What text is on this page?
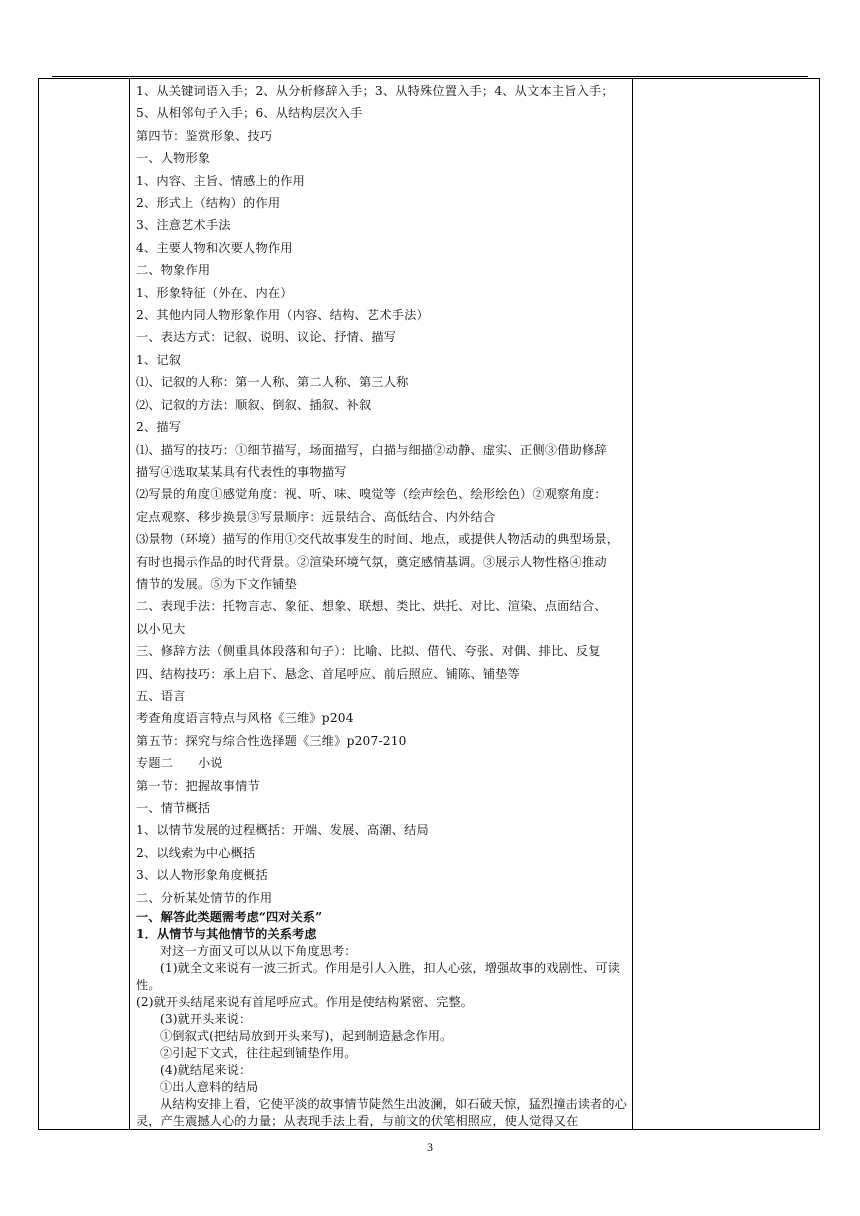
1、从关键词语入手；2、从分析修辞入手；3、从特殊位置入手；4、从文本主旨入手；
5、从相邻句子入手；6、从结构层次入手
第四节：鉴赏形象、技巧
一、人物形象
1、内容、主旨、情感上的作用
2、形式上（结构）的作用
3、注意艺术手法
4、主要人物和次要人物作用
二、物象作用
1、形象特征（外在、内在）
2、其他内同人物形象作用（内容、结构、艺术手法）
一、表达方式：记叙、说明、议论、抒情、描写
1、记叙
⑴、记叙的人称：第一人称、第二人称、第三人称
⑵、记叙的方法：顺叙、倒叙、插叙、补叙
2、描写
⑴、描写的技巧：①细节描写，场面描写，白描与细描②动静、虚实、正侧③借助修辞
描写④选取某某具有代表性的事物描写
⑵写景的角度①感觉角度：视、听、味、嗅觉等（绘声绘色、绘形绘色）②观察角度：
定点观察、移步换景③写景顺序：远景结合、高低结合、内外结合
⑶景物（环境）描写的作用①交代故事发生的时间、地点，或提供人物活动的典型场景，
有时也揭示作品的时代背景。②渲染环境气氛，奠定感情基调。③展示人物性格④推动
情节的发展。⑤为下文作铺垫
二、表现手法：托物言志、象征、想象、联想、类比、烘托、对比、渲染、点面结合、
以小见大
三、修辞方法（侧重具体段落和句子）：比喻、比拟、借代、夸张、对偶、排比、反复
四、结构技巧：承上启下、悬念、首尾呼应、前后照应、铺陈、铺垫等
五、语言
考查角度语言特点与风格《三维》p204
第五节：探究与综合性选择题《三维》p207-210
专题二　　小说
第一节：把握故事情节
一、情节概括
1、以情节发展的过程概括：开端、发展、高潮、结局
2、以线索为中心概括
3、以人物形象角度概括
二、分析某处情节的作用
一、解答此类题需考虑“四对关系”
1．从情节与其他情节的关系考虑
对这一方面又可以从以下角度思考：
(1)就全文来说有一波三折式。作用是引人入胜，扣人心弦，增强故事的戏剧性、可读性。
(2)就开头结尾来说有首尾呼应式。作用是使结构紧密、完整。
(3)就开头来说：
①倒叙式(把结局放到开头来写)，起到制造悬念作用。
②引起下文式，往往起到铺垫作用。
(4)就结尾来说：
①出人意料的结局
从结构安排上看，它使平淡的故事情节陡然生出波澜，如石破天惊，猛烈撞击读者的心灵，产生震撼人心的力量；从表现手法上看，与前文的伏笔相照应，使人觉得又在
3
